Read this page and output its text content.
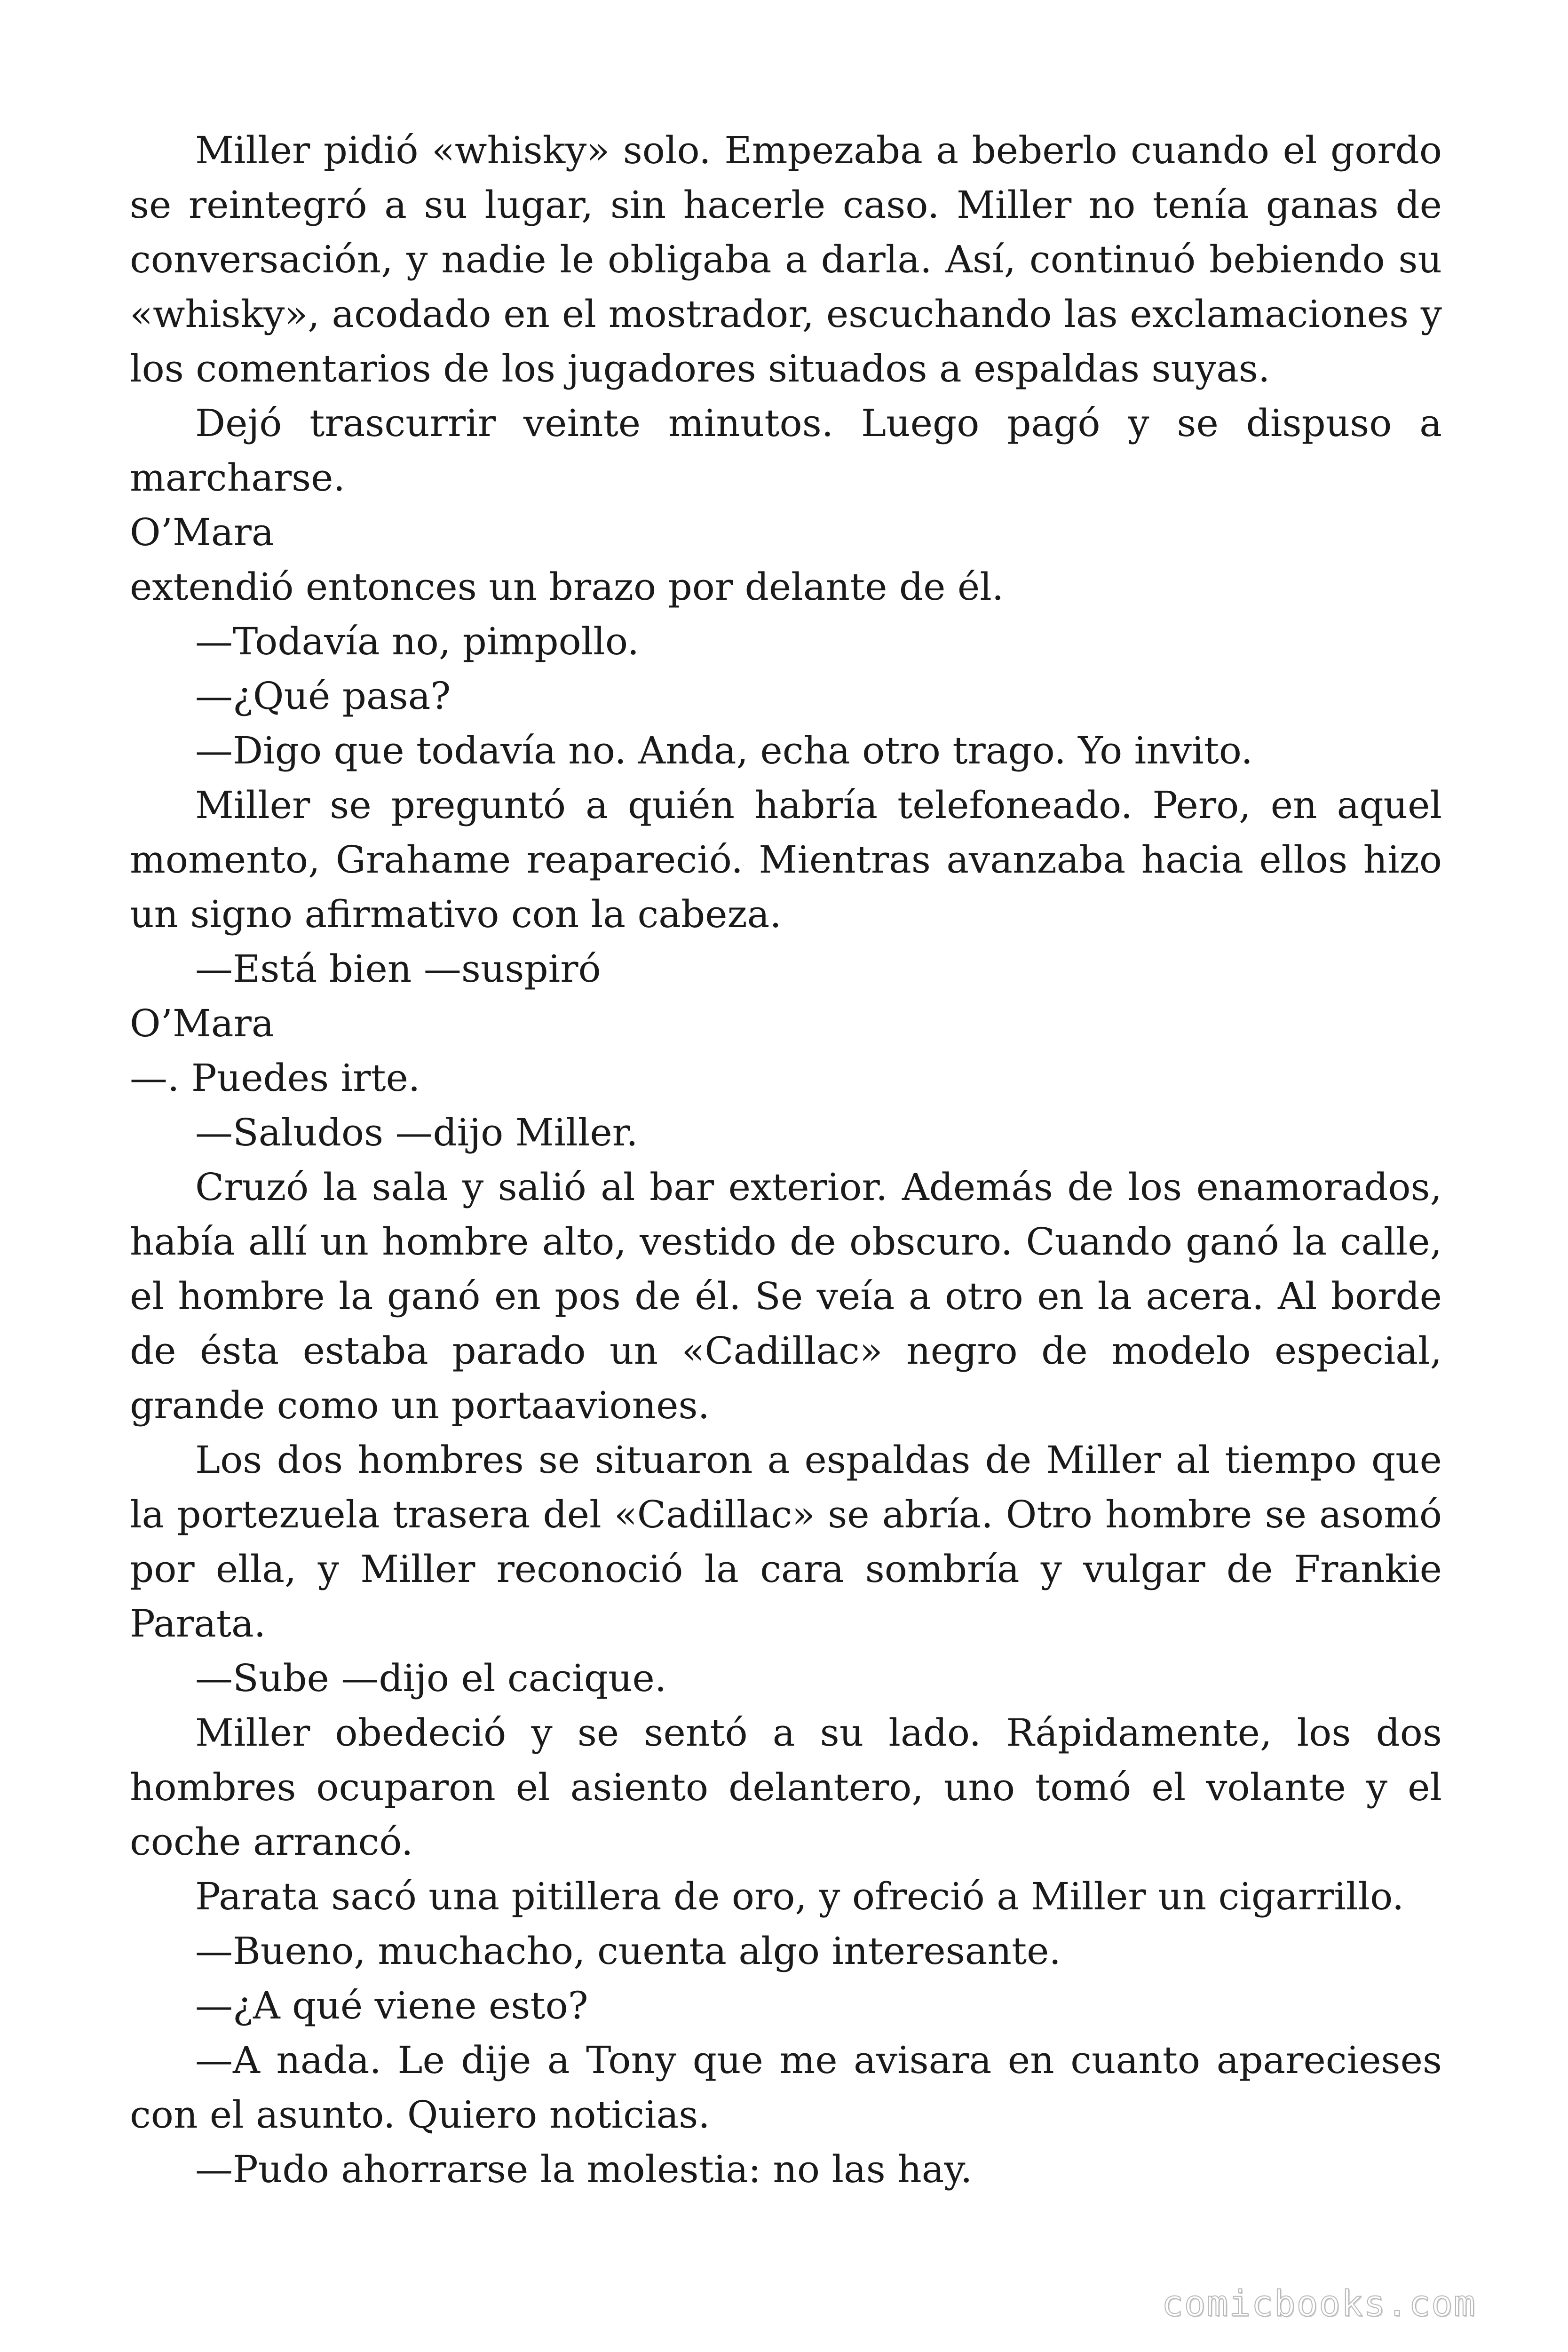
Miller pidió «whisky» solo. Empezaba a beberlo cuando el gordo
se reintegró a su lugar, sin hacerle caso. Miller no tenía ganas de
conversación, y nadie le obligaba a darla. Así, continuó bebiendo su
«whisky», acodado en el mostrador, escuchando las exclamaciones y
los comentarios de los jugadores situados a espaldas suyas.
Dejó trascurrir veinte minutos. Luego pagó y se dispuso a
marcharse.
O’Mara
extendió entonces un brazo por delante de él.
—Todavía no, pimpollo.
—¿Qué pasa?
—Digo que todavía no. Anda, echa otro trago. Yo invito.
Miller se preguntó a quién habría telefoneado. Pero, en aquel
momento, Grahame reapareció. Mientras avanzaba hacia ellos hizo
un signo afirmativo con la cabeza.
—Está bien —suspiró
O’Mara
—. Puedes irte.
—Saludos —dijo Miller.
Cruzó la sala y salió al bar exterior. Además de los enamorados,
había allí un hombre alto, vestido de obscuro. Cuando ganó la calle,
el hombre la ganó en pos de él. Se veía a otro en la acera. Al borde
de ésta estaba parado un «Cadillac» negro de modelo especial,
grande como un portaaviones.
Los dos hombres se situaron a espaldas de Miller al tiempo que
la portezuela trasera del «Cadillac» se abría. Otro hombre se asomó
por ella, y Miller reconoció la cara sombría y vulgar de Frankie
Parata.
—Sube —dijo el cacique.
Miller obedeció y se sentó a su lado. Rápidamente, los dos
hombres ocuparon el asiento delantero, uno tomó el volante y el
coche arrancó.
Parata sacó una pitillera de oro, y ofreció a Miller un cigarrillo.
—Bueno, muchacho, cuenta algo interesante.
—¿A qué viene esto?
—A nada. Le dije a Tony que me avisara en cuanto aparecieses
con el asunto. Quiero noticias.
—Pudo ahorrarse la molestia: no las hay.
comicbooks.com
